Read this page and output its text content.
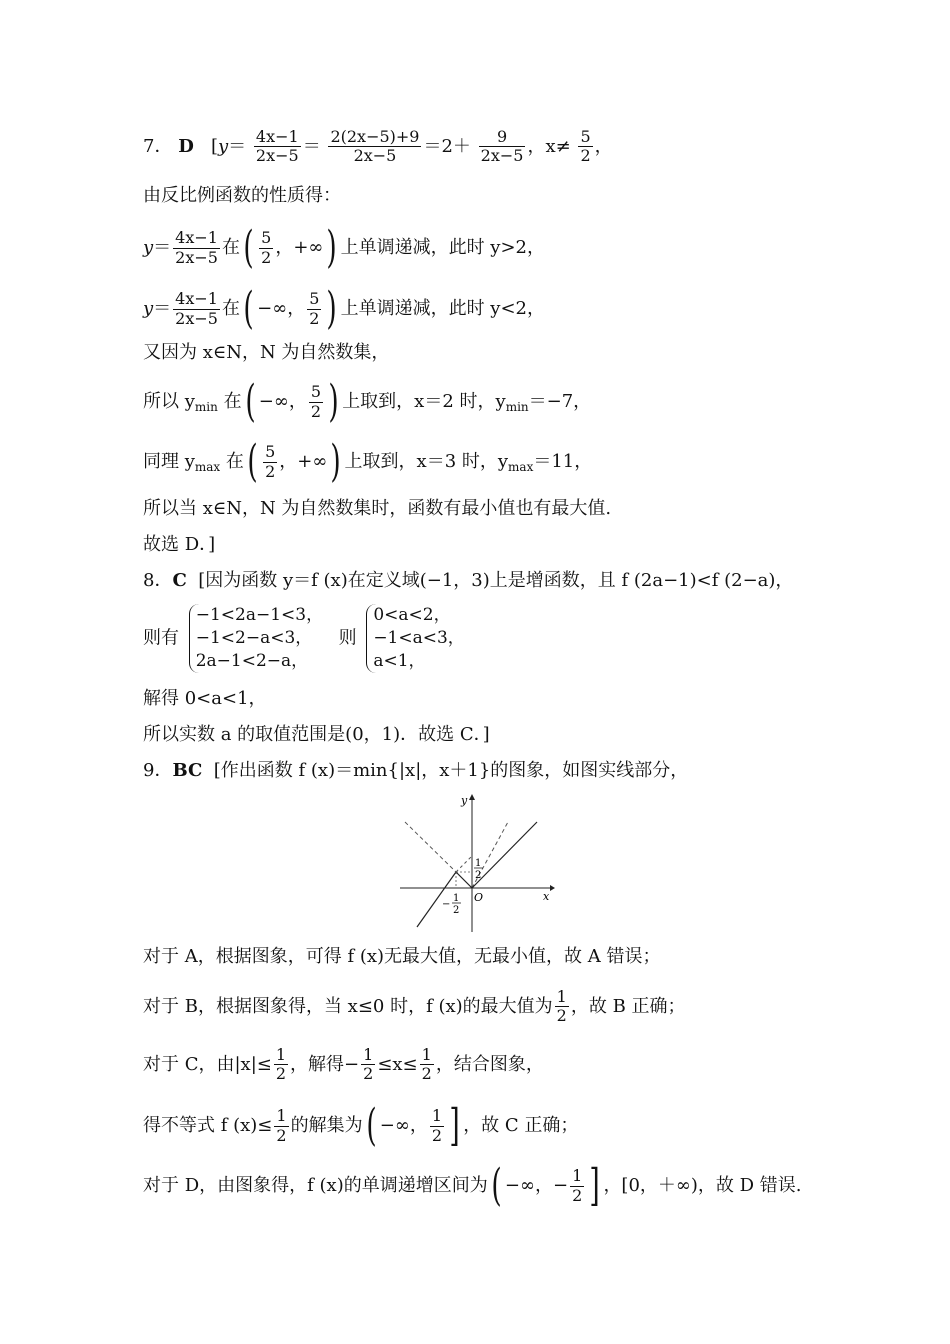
7． D [$y= \frac{4x-1}{2x-5} = \frac{2(2x-5)+9}{2x-5} =2+ \frac{9}{2x-5}$ ，$x\ne \frac{5}{2}$ ，
由反比例函数的性质得：
$y= \frac{4x-1}{2x-5}$ 在( $\frac{5}{2}$ ，+∞) 上单调递减，此时 y>2，
$y= \frac{4x-1}{2x-5}$ 在( −∞， $\frac{5}{2}$ ) 上单调递减，此时 y<2，
又因为 x∈N，N 为自然数集，
所以 $y_{min}$ 在( −∞， $\frac{5}{2}$ ) 上取到，x＝2 时，$y_{min}=-7$，
同理 $y_{max}$ 在( $\frac{5}{2}$ ，+∞) 上取到，x＝3 时，$y_{max}=11$，
所以当 x∈N，N 为自然数集时，函数有最小值也有最大值.
故选 D．]
8．C [因为函数 y＝f (x)在定义域(−1，3)上是增函数，且 f (2a−1)<f (2−a)，
则有
−1<2a−1<3，
−1<2−a<3，
2a−1<2−a，
则
0<a<2，
−1<a<3，
a<1，
解得 0<a<1，
所以实数 a 的取值范围是(0，1)．故选 C．]
9．BC [作出函数 f (x)＝min{|x|，x＋1}的图象，如图实线部分，
y
x
O
1
2
−
1
2
对于 A，根据图象，可得 f (x)无最大值，无最小值，故 A 错误；
对于 B，根据图象得，当 x≤0 时，f (x)的最大值为 $\frac{1}{2}$ ，故 B 正确；
对于 C，由$|x|\le \frac{1}{2}$ ，解得− $\frac{1}{2} \le x\le \frac{1}{2}$ ，结合图象，
得不等式 f $(x)\le \frac{1}{2}$ 的解集为( −∞， $\frac{1}{2}$ ] ，故 C 正确；
对于 D，由图象得，f (x)的单调递增区间为( −∞，− $\frac{1}{2}$ ] ，[0，＋∞)，故 D 错误.
